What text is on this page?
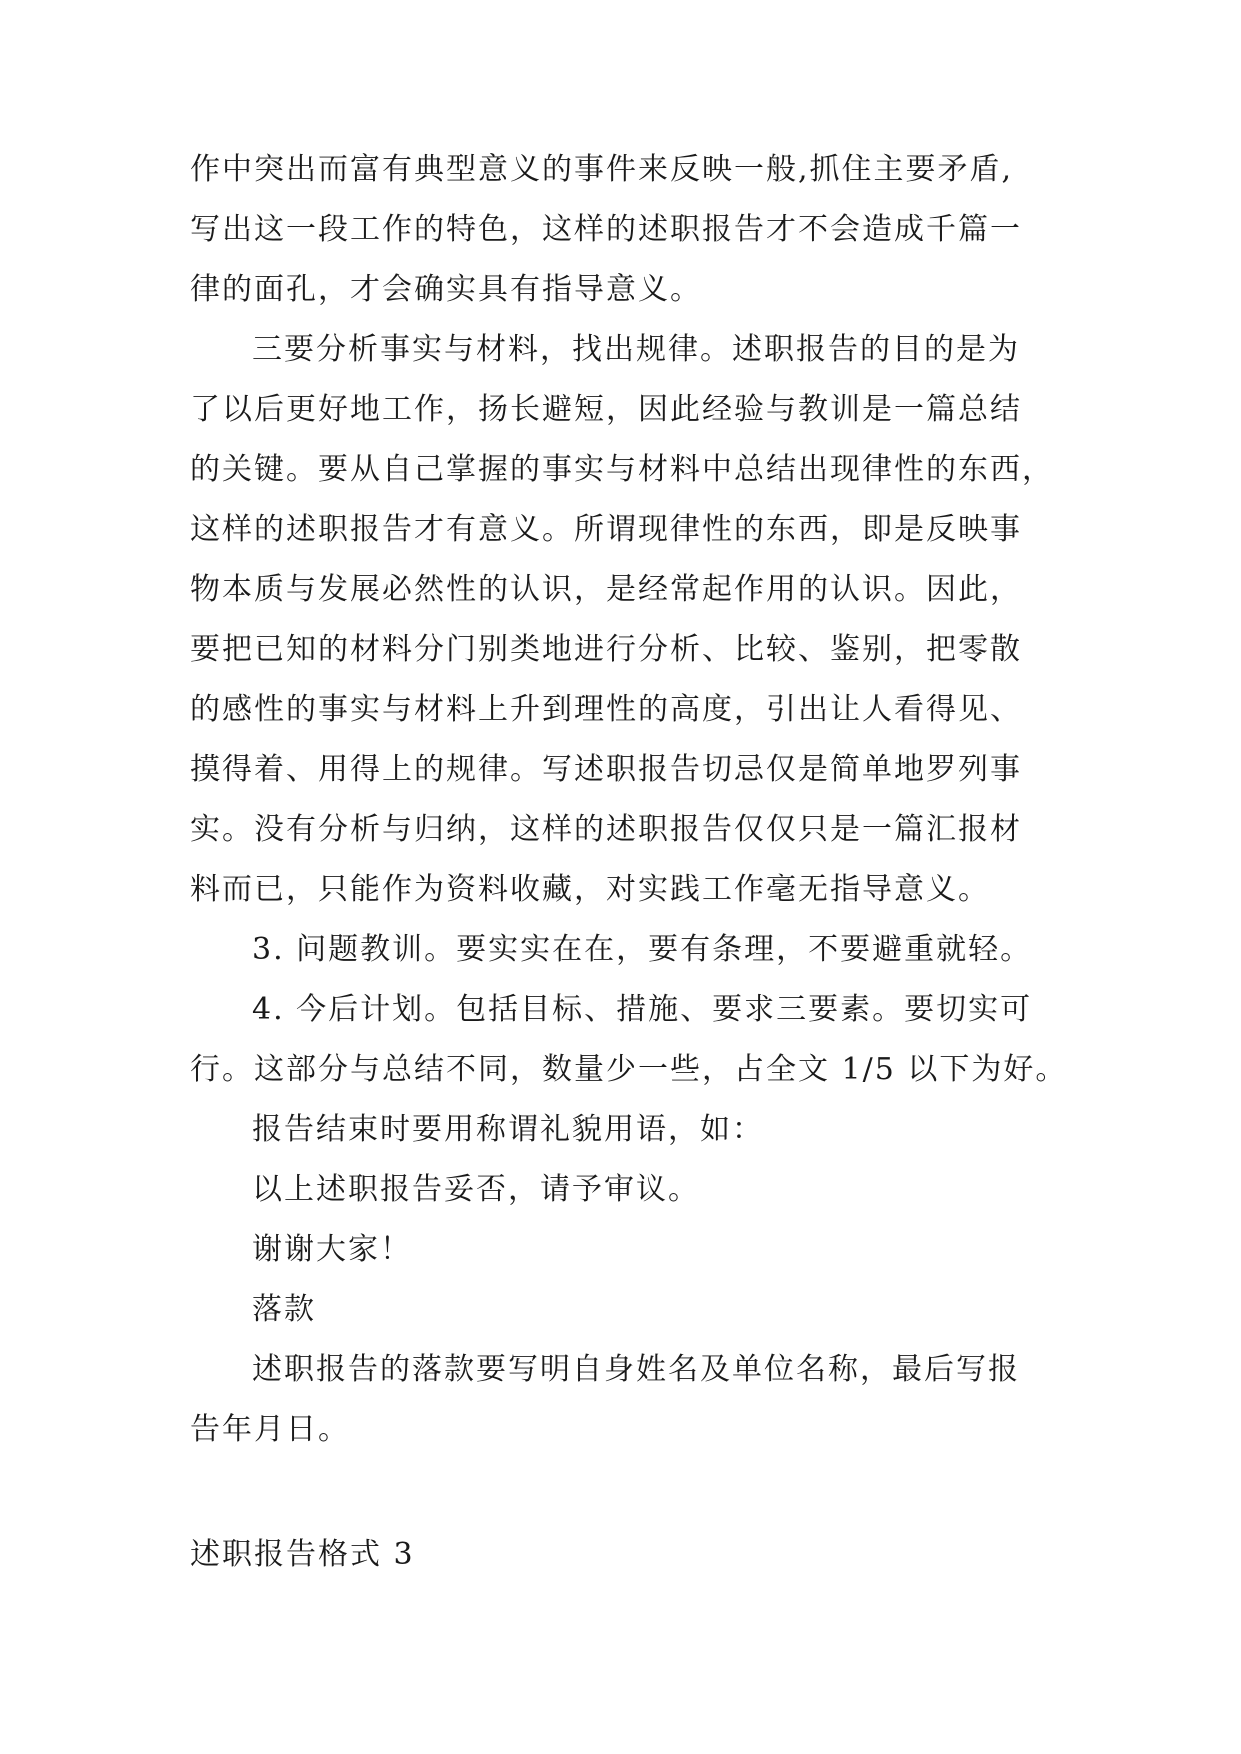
作中突出而富有典型意义的事件来反映一般,抓住主要矛盾,
写出这一段工作的特色，这样的述职报告才不会造成千篇一
律的面孔，才会确实具有指导意义。
三要分析事实与材料，找出规律。述职报告的目的是为
了以后更好地工作，扬长避短，因此经验与教训是一篇总结
的关键。要从自己掌握的事实与材料中总结出现律性的东西，
这样的述职报告才有意义。所谓现律性的东西，即是反映事
物本质与发展必然性的认识，是经常起作用的认识。因此，
要把已知的材料分门别类地进行分析、比较、鉴别，把零散
的感性的事实与材料上升到理性的高度，引出让人看得见、
摸得着、用得上的规律。写述职报告切忌仅是简单地罗列事
实。没有分析与归纳，这样的述职报告仅仅只是一篇汇报材
料而已，只能作为资料收藏，对实践工作毫无指导意义。
3. 问题教训。要实实在在，要有条理，不要避重就轻。
4. 今后计划。包括目标、措施、要求三要素。要切实可
行。这部分与总结不同，数量少一些，占全文 1/5 以下为好。
报告结束时要用称谓礼貌用语，如：
以上述职报告妥否，请予审议。
谢谢大家！
落款
述职报告的落款要写明自身姓名及单位名称，最后写报
告年月日。
述职报告格式 3
